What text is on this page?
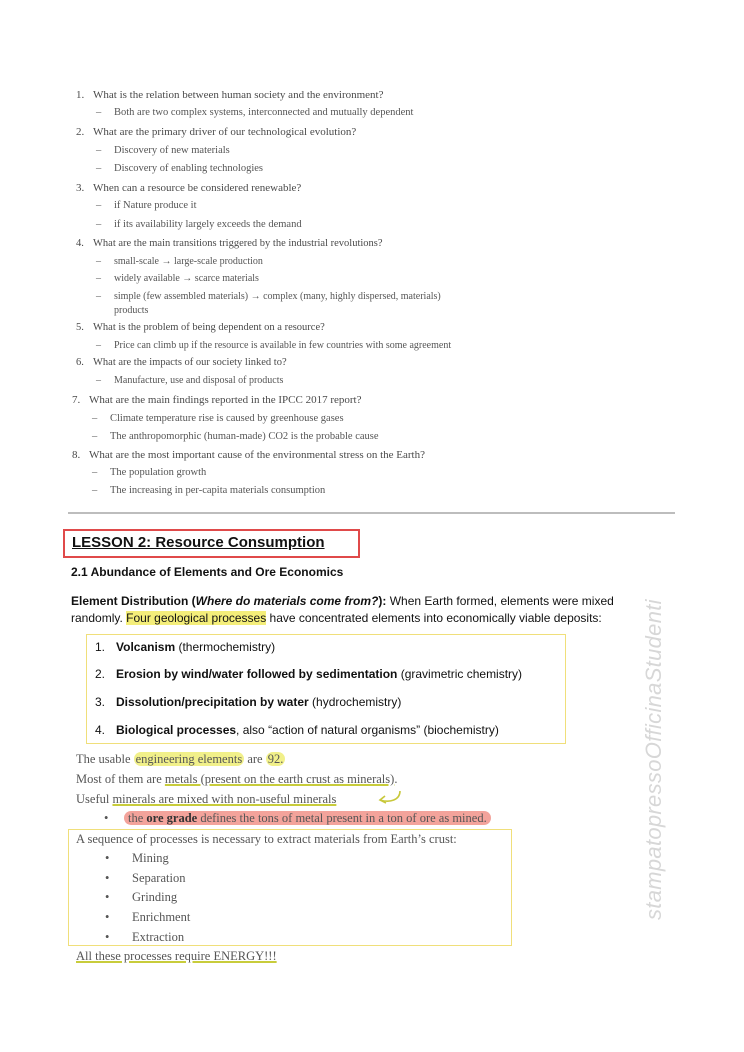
1. What is the relation between human society and the environment?
– Both are two complex systems, interconnected and mutually dependent
2. What are the primary driver of our technological evolution?
– Discovery of new materials
– Discovery of enabling technologies
3. When can a resource be considered renewable?
– if Nature produce it
– if its availability largely exceeds the demand
4. What are the main transitions triggered by the industrial revolutions?
– small-scale → large-scale production
– widely available → scarce materials
– simple (few assembled materials) → complex (many, highly dispersed, materials)
products
5. What is the problem of being dependent on a resource?
– Price can climb up if the resource is available in few countries with some agreement
6. What are the impacts of our society linked to?
– Manufacture, use and disposal of products
7. What are the main findings reported in the IPCC 2017 report?
– Climate temperature rise is caused by greenhouse gases
– The anthropomorphic (human-made) CO2 is the probable cause
8. What are the most important cause of the environmental stress on the Earth?
– The population growth
– The increasing in per-capita materials consumption
LESSON 2: Resource Consumption
2.1 Abundance of Elements and Ore Economics
Element Distribution (Where do materials come from?): When Earth formed, elements were mixed
randomly. Four geological processes have concentrated elements into economically viable deposits:
1. Volcanism (thermochemistry)
2. Erosion by wind/water followed by sedimentation (gravimetric chemistry)
3. Dissolution/precipitation by water (hydrochemistry)
4. Biological processes, also “action of natural organisms” (biochemistry)
The usable engineering elements are 92.
Most of them are metals (present on the earth crust as minerals).
Useful minerals are mixed with non-useful minerals
• the ore grade defines the tons of metal present in a ton of ore as mined.
A sequence of processes is necessary to extract materials from Earth’s crust:
• Mining
• Separation
• Grinding
• Enrichment
• Extraction
All these processes require ENERGY!!!
stampatopressoOfficinaStudenti
